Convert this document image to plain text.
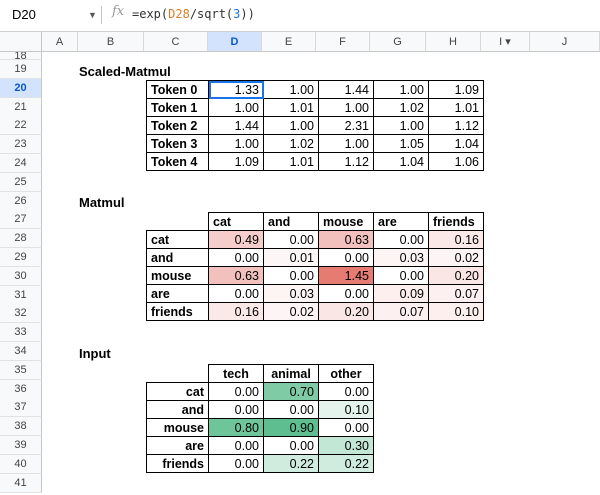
D20	▼ fx =exp(D28/sqrt(3))
A	B	C	D	E	F	G	H	I ▾	J
18
19
20
21
22
23
24
25
26
27
28
29
30
31
32
33
34
35
36
37
38
39
40
41
Scaled-Matmul
Token 0	1.33	1.00	1.44	1.00	1.09
Token 1	1.00	1.01	1.00	1.02	1.01
Token 2	1.44	1.00	2.31	1.00	1.12
Token 3	1.00	1.02	1.00	1.05	1.04
Token 4	1.09	1.01	1.12	1.04	1.06
Matmul
	cat	and	mouse	are	friends
cat	0.49	0.00	0.63	0.00	0.16
and	0.00	0.01	0.00	0.03	0.02
mouse	0.63	0.00	1.45	0.00	0.20
are	0.00	0.03	0.00	0.09	0.07
friends	0.16	0.02	0.20	0.07	0.10
Input
	tech	animal	other
cat	0.00	0.70	0.00
and	0.00	0.00	0.10
mouse	0.80	0.90	0.00
are	0.00	0.00	0.30
friends	0.00	0.22	0.22
